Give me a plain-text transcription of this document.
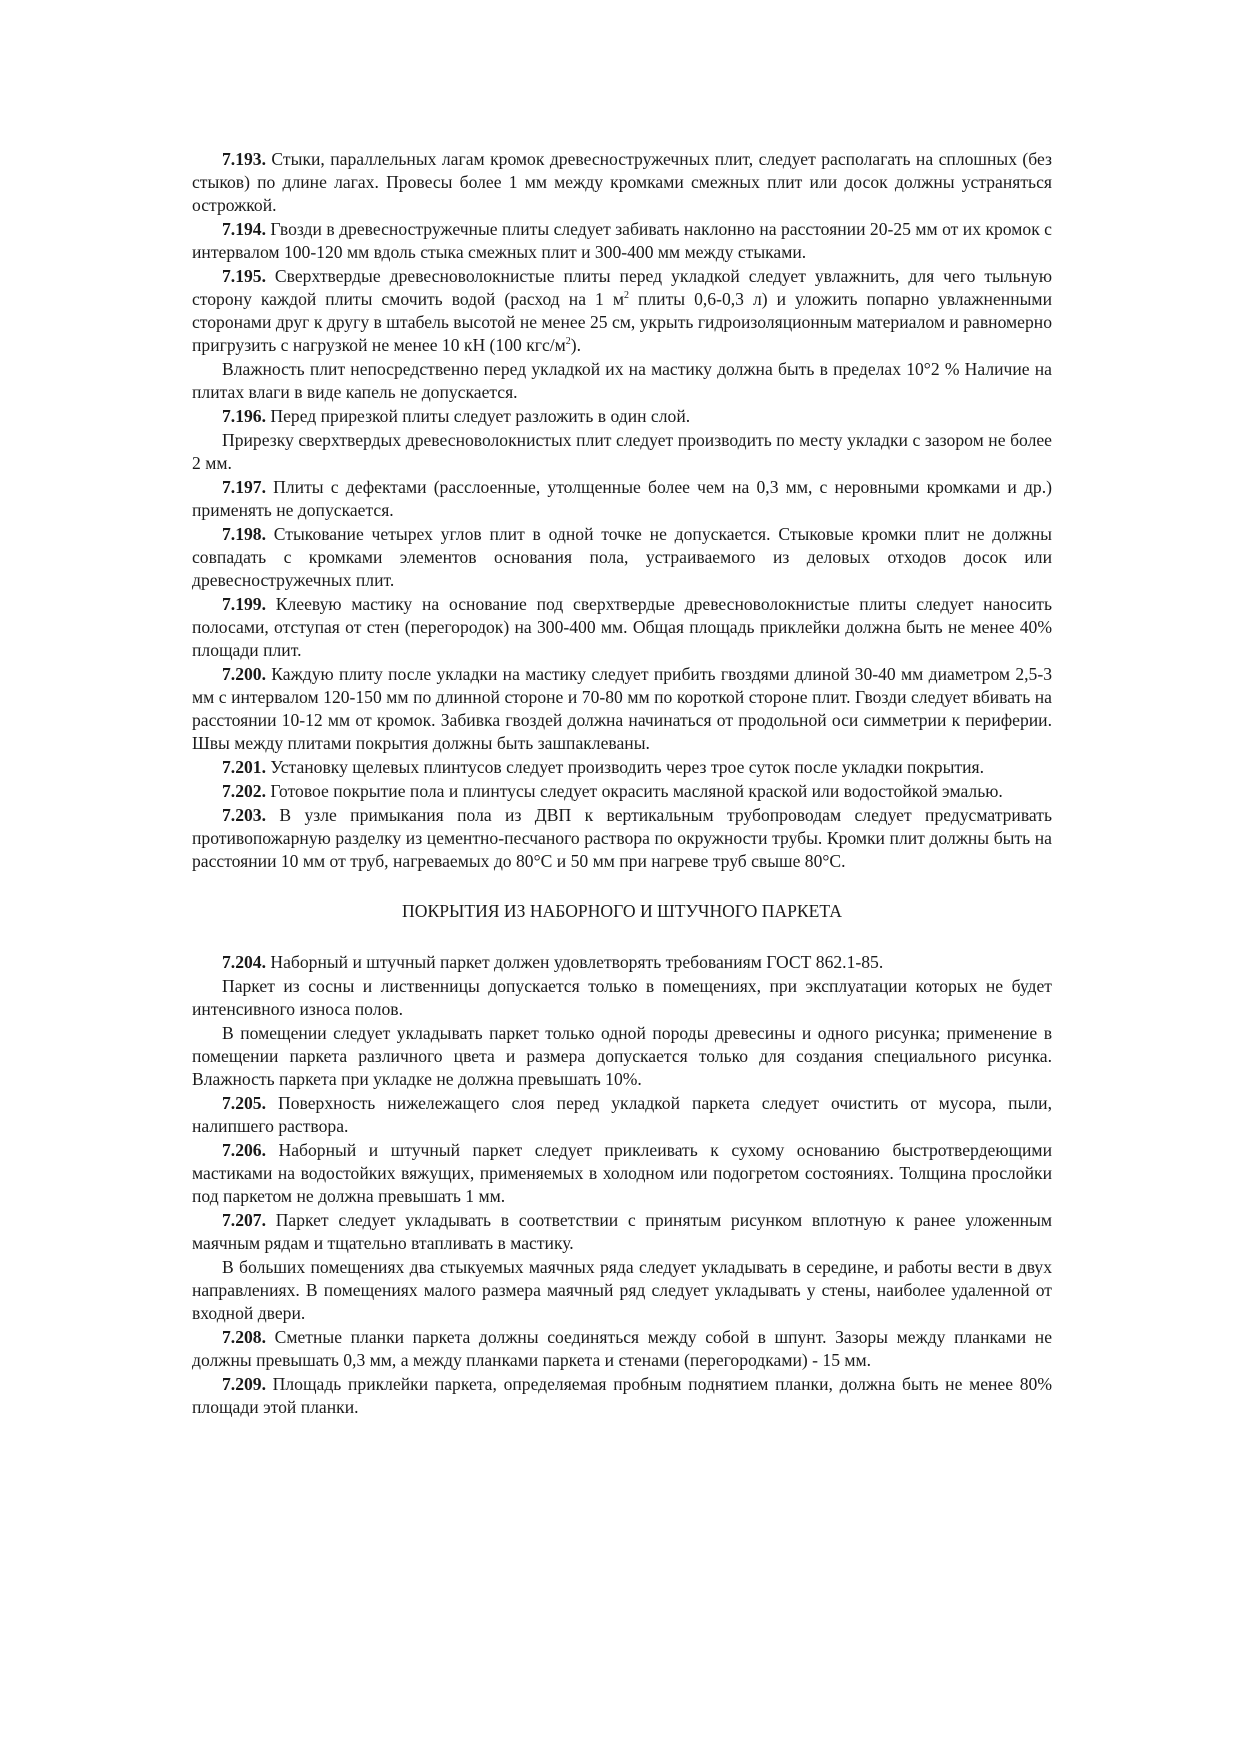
7.193. Стыки, параллельных лагам кромок древесностружечных плит, следует располагать на сплошных (без стыков) по длине лагах. Провесы более 1 мм между кромками смежных плит или досок должны устраняться острожкой.

7.194. Гвозди в древесностружечные плиты следует забивать наклонно на расстоянии 20-25 мм от их кромок с интервалом 100-120 мм вдоль стыка смежных плит и 300-400 мм между стыками.

7.195. Сверхтвердые древесноволокнистые плиты перед укладкой следует увлажнить, для чего тыльную сторону каждой плиты смочить водой (расход на 1 $м^2$ плиты 0,6-0,3 л) и уложить попарно увлажненными сторонами друг к другу в штабель высотой не менее 25 см, укрыть гидроизоляционным материалом и равномерно пригрузить с нагрузкой не менее 10 кН (100 кгс/$м^2$).

Влажность плит непосредственно перед укладкой их на мастику должна быть в пределах 10°2 % Наличие на плитах влаги в виде капель не допускается.

7.196. Перед прирезкой плиты следует разложить в один слой.

Прирезку сверхтвердых древесноволокнистых плит следует производить по месту укладки с зазором не более 2 мм.

7.197. Плиты с дефектами (расслоенные, утолщенные более чем на 0,3 мм, с неровными кромками и др.) применять не допускается.

7.198. Стыкование четырех углов плит в одной точке не допускается. Стыковые кромки плит не должны совпадать с кромками элементов основания пола, устраиваемого из деловых отходов досок или древесностружечных плит.

7.199. Клеевую мастику на основание под сверхтвердые древесноволокнистые плиты следует наносить полосами, отступая от стен (перегородок) на 300-400 мм. Общая площадь приклейки должна быть не менее 40% площади плит.

7.200. Каждую плиту после укладки на мастику следует прибить гвоздями длиной 30-40 мм диаметром 2,5-3 мм с интервалом 120-150 мм по длинной стороне и 70-80 мм по короткой стороне плит. Гвозди следует вбивать на расстоянии 10-12 мм от кромок. Забивка гвоздей должна начинаться от продольной оси симметрии к периферии. Швы между плитами покрытия должны быть зашпаклеваны.

7.201. Установку щелевых плинтусов следует производить через трое суток после укладки покрытия.

7.202. Готовое покрытие пола и плинтусы следует окрасить масляной краской или водостойкой эмалью.

7.203. В узле примыкания пола из ДВП к вертикальным трубопроводам следует предусматривать противопожарную разделку из цементно-песчаного раствора по окружности трубы. Кромки плит должны быть на расстоянии 10 мм от труб, нагреваемых до 80°С и 50 мм при нагреве труб свыше 80°С.

ПОКРЫТИЯ ИЗ НАБОРНОГО И ШТУЧНОГО ПАРКЕТА

7.204. Наборный и штучный паркет должен удовлетворять требованиям ГОСТ 862.1-85.

Паркет из сосны и лиственницы допускается только в помещениях, при эксплуатации которых не будет интенсивного износа полов.

В помещении следует укладывать паркет только одной породы древесины и одного рисунка; применение в помещении паркета различного цвета и размера допускается только для создания специального рисунка. Влажность паркета при укладке не должна превышать 10%.

7.205. Поверхность нижележащего слоя перед укладкой паркета следует очистить от мусора, пыли, налипшего раствора.

7.206. Наборный и штучный паркет следует приклеивать к сухому основанию быстротвердеющими мастиками на водостойких вяжущих, применяемых в холодном или подогретом состояниях. Толщина прослойки под паркетом не должна превышать 1 мм.

7.207. Паркет следует укладывать в соответствии с принятым рисунком вплотную к ранее уложенным маячным рядам и тщательно втапливать в мастику.

В больших помещениях два стыкуемых маячных ряда следует укладывать в середине, и работы вести в двух направлениях. В помещениях малого размера маячный ряд следует укладывать у стены, наиболее удаленной от входной двери.

7.208. Сметные планки паркета должны соединяться между собой в шпунт. Зазоры между планками не должны превышать 0,3 мм, а между планками паркета и стенами (перегородками) - 15 мм.

7.209. Площадь приклейки паркета, определяемая пробным поднятием планки, должна быть не менее 80% площади этой планки.
